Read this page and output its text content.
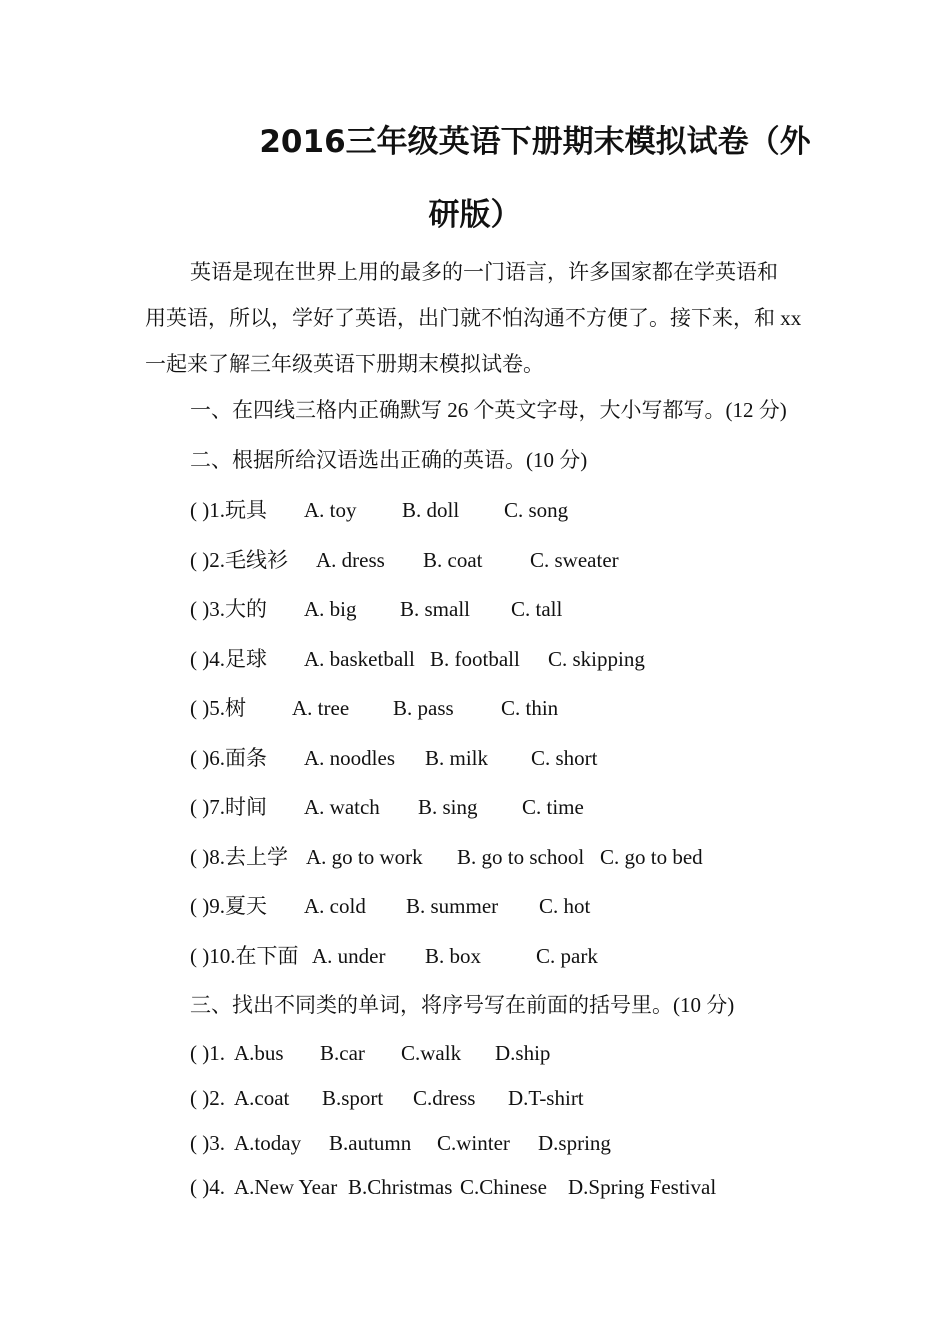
2016三年级英语下册期末模拟试卷（外
研版）
英语是现在世界上用的最多的一门语言，许多国家都在学英语和
用英语，所以，学好了英语，出门就不怕沟通不方便了。接下来，和 xx
一起来了解三年级英语下册期末模拟试卷。
一、在四线三格内正确默写 26 个英文字母，大小写都写。(12 分)
二、根据所给汉语选出正确的英语。(10 分)
( )1.玩具 A. toy B. doll C. song
( )2.毛线衫 A. dress B. coat C. sweater
( )3.大的 A. big B. small C. tall
( )4.足球 A. basketball B. football C. skipping
( )5.树 A. tree B. pass C. thin
( )6.面条 A. noodles B. milk C. short
( )7.时间 A. watch B. sing C. time
( )8.去上学 A. go to work B. go to school C. go to bed
( )9.夏天 A. cold B. summer C. hot
( )10.在下面 A. under B. box	C. park
三、找出不同类的单词，将序号写在前面的括号里。(10 分)
( )1. A.bus B.car C.walk D.ship
( )2. A.coat B.sport C.dress D.T-shirt
( )3. A.today B.autumn C.winter D.spring
( )4. A.New Year B.Christmas C.Chinese D.Spring Festival
